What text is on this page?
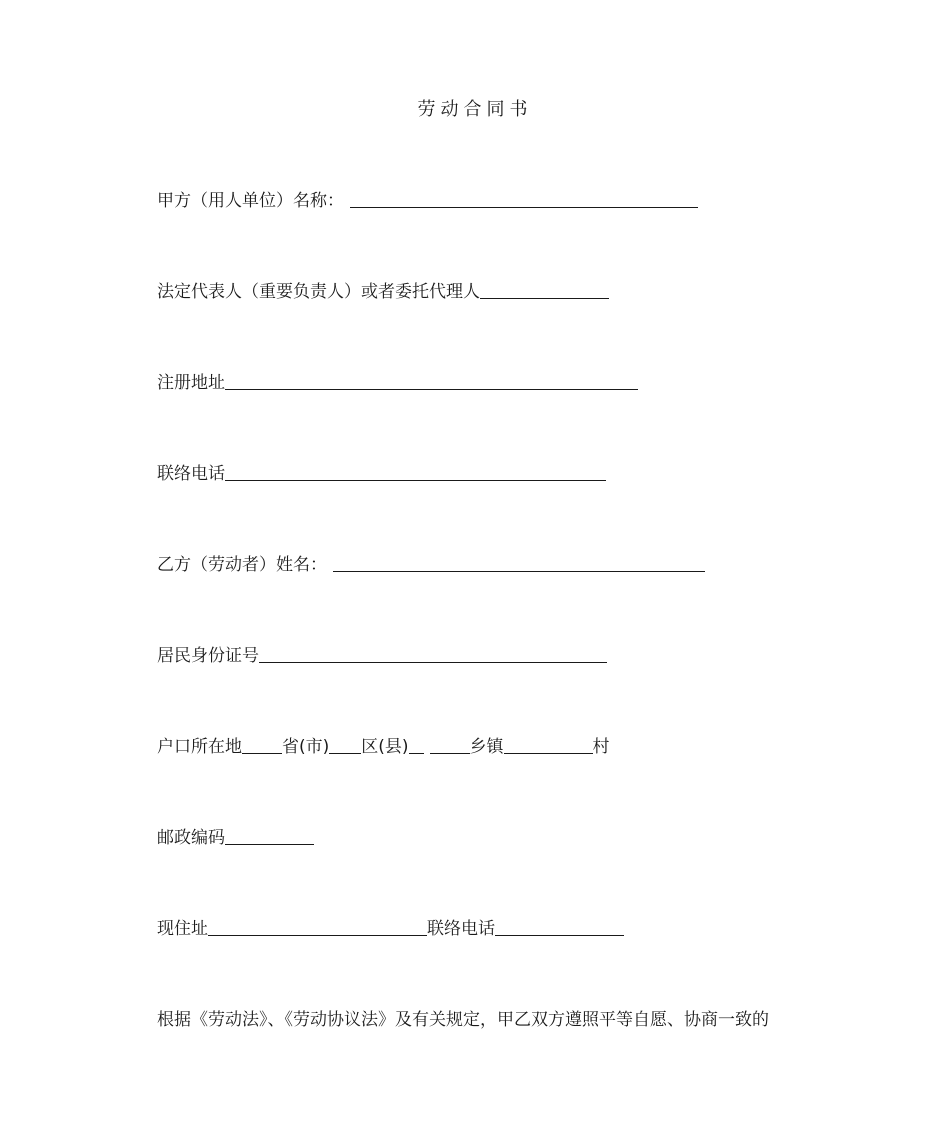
劳动合同书
甲方（用人单位）名称：
法定代表人（重要负责人）或者委托代理人
注册地址
联络电话
乙方（劳动者）姓名：
居民身份证号
户口所在地 省(市) 区(县)	乡镇	村
邮政编码
现住址	联络电话
根据《劳动法》、《劳动协议法》及有关规定，甲乙双方遵照平等自愿、协商一致的
